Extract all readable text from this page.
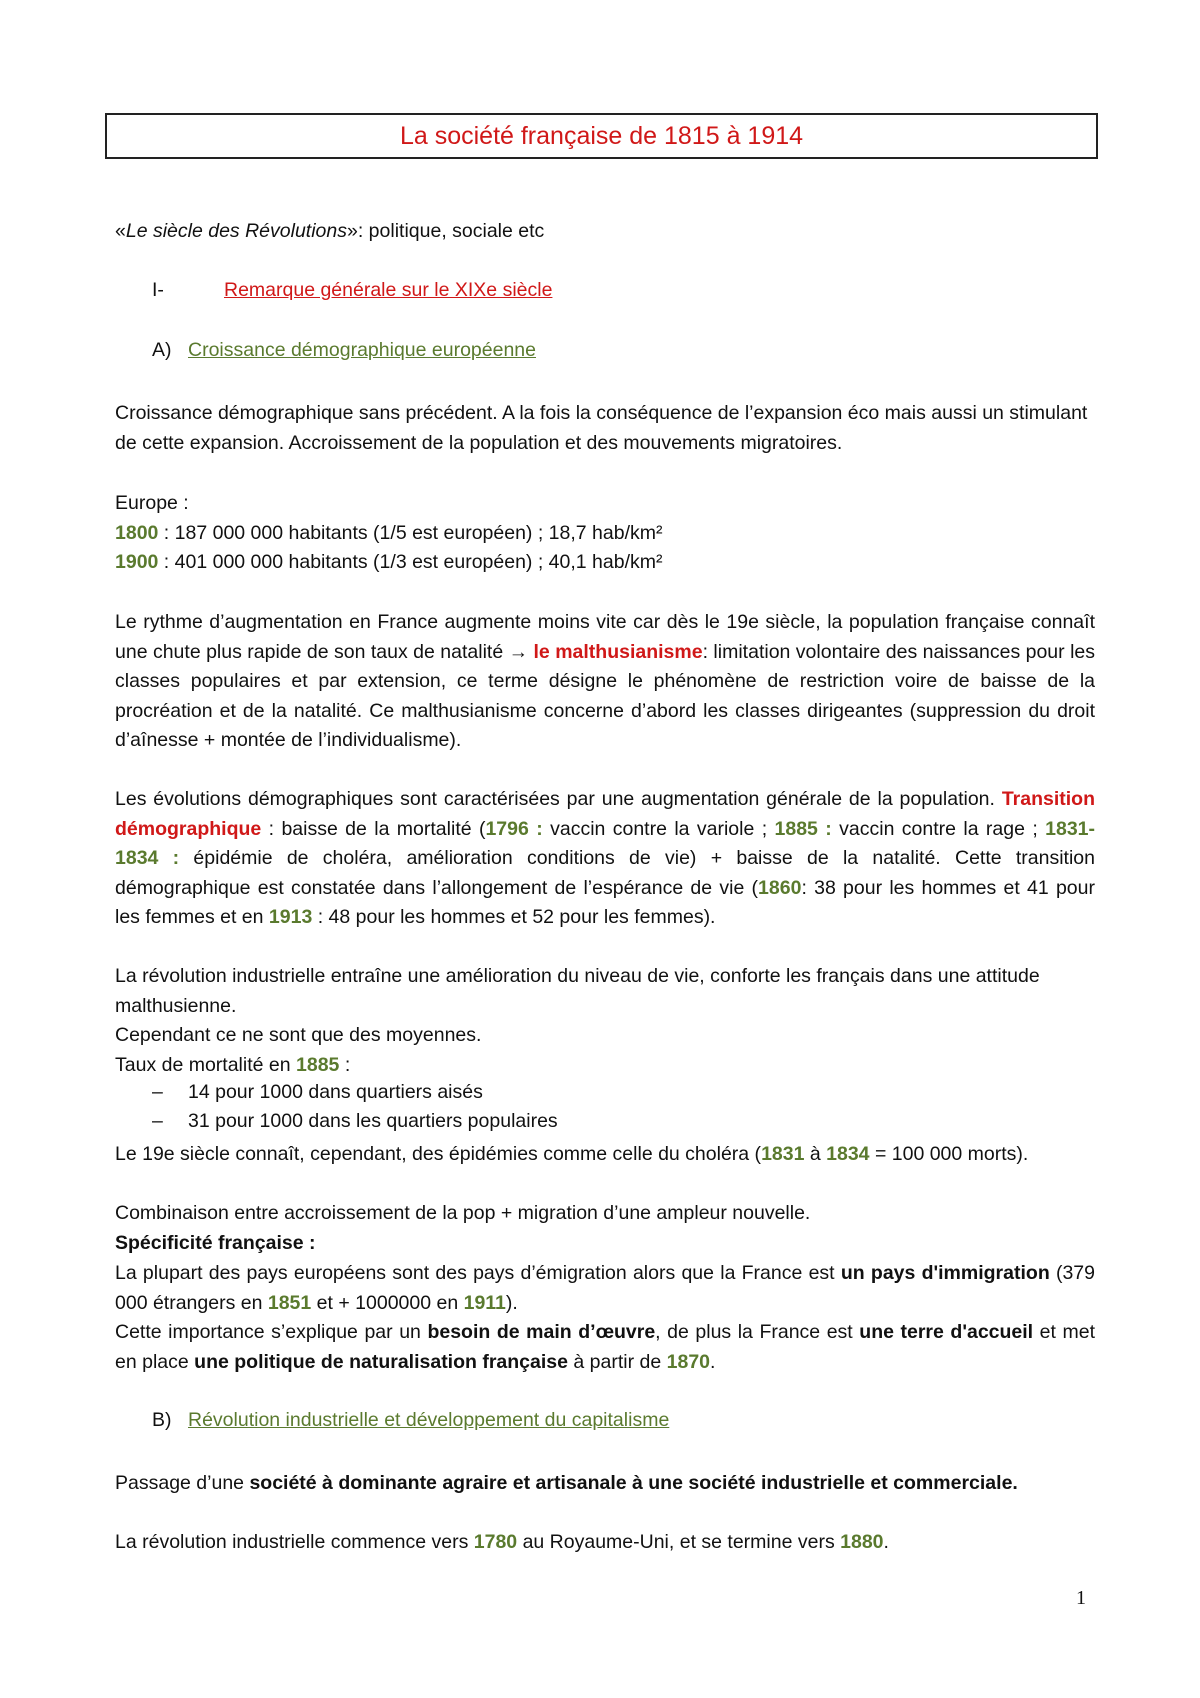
La société française de 1815 à 1914
«Le siècle des Révolutions»: politique, sociale etc
I-	Remarque générale sur le XIXe siècle
A) Croissance démographique européenne
Croissance démographique sans précédent. A la fois la conséquence de l’expansion éco mais aussi un stimulant de cette expansion. Accroissement de la population et des mouvements migratoires.
Europe :
1800 : 187 000 000 habitants (1/5 est européen) ; 18,7 hab/km²
1900 : 401 000 000 habitants (1/3 est européen) ; 40,1 hab/km²
Le rythme d’augmentation en France augmente moins vite car dès le 19e siècle, la population française connaît une chute plus rapide de son taux de natalité → le malthusianisme: limitation volontaire des naissances pour les classes populaires et par extension, ce terme désigne le phénomène de restriction voire de baisse de la procréation et de la natalité. Ce malthusianisme concerne d’abord les classes dirigeantes (suppression du droit d’aînesse + montée de l’individualisme).
Les évolutions démographiques sont caractérisées par une augmentation générale de la population. Transition démographique : baisse de la mortalité (1796 : vaccin contre la variole ; 1885 : vaccin contre la rage ; 1831-1834 : épidémie de choléra, amélioration conditions de vie) + baisse de la natalité. Cette transition démographique est constatée dans l’allongement de l’espérance de vie (1860: 38 pour les hommes et 41 pour les femmes et en 1913 : 48 pour les hommes et 52 pour les femmes).
La révolution industrielle entraîne une amélioration du niveau de vie, conforte les français dans une attitude malthusienne.
Cependant ce ne sont que des moyennes.
Taux de mortalité en 1885 :
– 14 pour 1000 dans quartiers aisés
– 31 pour 1000 dans les quartiers populaires
Le 19e siècle connaît, cependant, des épidémies comme celle du choléra (1831 à 1834 = 100 000 morts).
Combinaison entre accroissement de la pop + migration d’une ampleur nouvelle.
Spécificité française :
La plupart des pays européens sont des pays d’émigration alors que la France est un pays d'immigration (379 000 étrangers en 1851 et + 1000000 en 1911).
Cette importance s’explique par un besoin de main d’œuvre, de plus la France est une terre d'accueil et met en place une politique de naturalisation française à partir de 1870.
B) Révolution industrielle et développement du capitalisme
Passage d’une société à dominante agraire et artisanale à une société industrielle et commerciale.
La révolution industrielle commence vers 1780 au Royaume-Uni, et se termine vers 1880.
1
